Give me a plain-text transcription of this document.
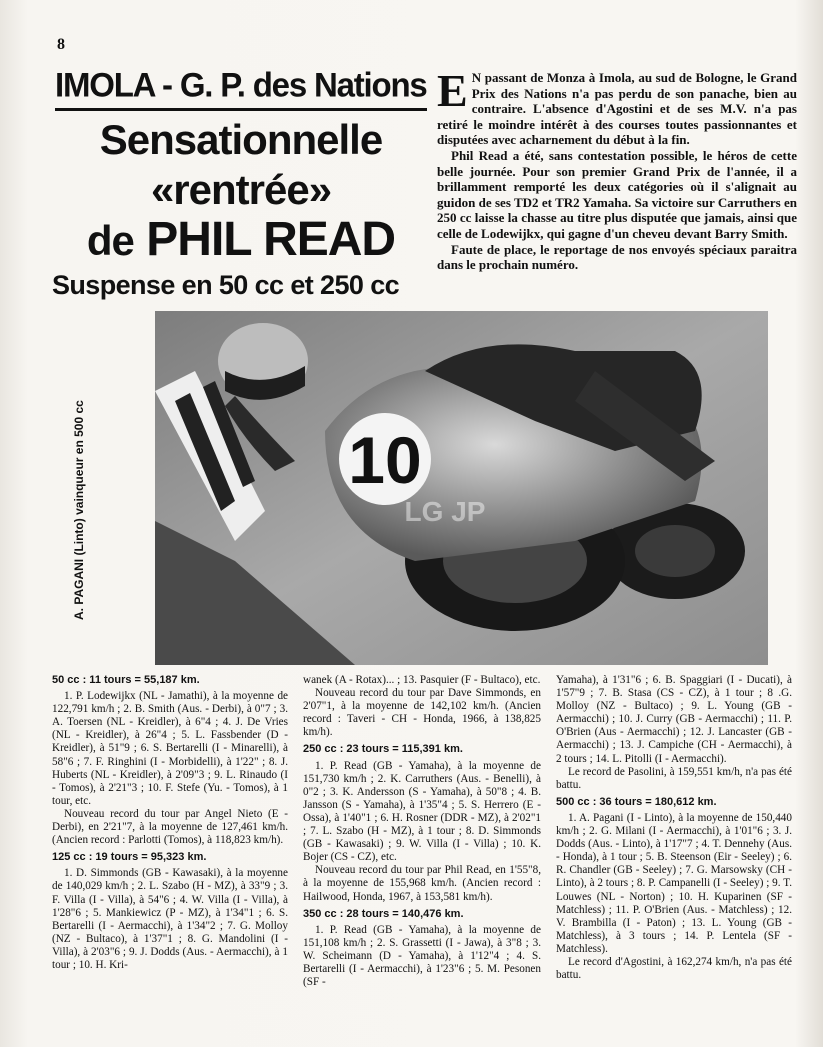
8
IMOLA - G. P. des Nations
Sensationnelle
«rentrée»
de PHIL READ
Suspense en 50 cc et 250 cc

E N passant de Monza à Imola, au sud de Bologne, le Grand Prix des Nations n'a pas perdu de son panache, bien au contraire. L'absence d'Agostini et de ses M.V. n'a pas retiré le moindre intérêt à des courses toutes passionnantes et disputées avec acharnement du début à la fin.

Phil Read a été, sans contestation possible, le héros de cette belle journée. Pour son premier Grand Prix de l'année, il a brillamment remporté les deux catégories où il s'alignait au guidon de ses TD2 et TR2 Yamaha. Sa victoire sur Carruthers en 250 cc laisse la chasse au titre plus disputée que jamais, ainsi que celle de Lodewijkx, qui gagne d'un cheveu devant Barry Smith.

Faute de place, le reportage de nos envoyés spéciaux paraitra dans le prochain numéro.

A. PAGANI (Linto) vainqueur en 500 cc	10
LG JP
50 cc : 11 tours = 55,187 km.

1. P. Lodewijkx (NL - Jamathi), à la moyenne de 122,791 km/h ; 2. B. Smith (Aus. - Derbi), à 0"7 ; 3. A. Toersen (NL - Kreidler), à 6"4 ; 4. J. De Vries (NL - Kreidler), à 26"4 ; 5. L. Fassbender (D - Kreidler), à 51"9 ; 6. S. Bertarelli (I - Minarelli), à 58"6 ; 7. F. Ringhini (I - Morbidelli), à 1'22" ; 8. J. Huberts (NL - Kreidler), à 2'09"3 ; 9. L. Rinaudo (I - Tomos), à 2'21"3 ; 10. F. Stefe (Yu. - Tomos), à 1 tour, etc.

Nouveau record du tour par Angel Nieto (E - Derbi), en 2'21"7, à la moyenne de 127,461 km/h. (Ancien record : Parlotti (Tomos), à 118,823 km/h).

125 cc : 19 tours = 95,323 km.

1. D. Simmonds (GB - Kawasaki), à la moyenne de 140,029 km/h ; 2. L. Szabo (H - MZ), à 33"9 ; 3. F. Villa (I - Villa), à 54"6 ; 4. W. Villa (I - Villa), à 1'28"6 ; 5. Mankiewicz (P - MZ), à 1'34"1 ; 6. S. Bertarelli (I - Aermacchi), à 1'34"2 ; 7. G. Molloy (NZ - Bultaco), à 1'37"1 ; 8. G. Mandolini (I - Villa), à 2'03"6 ; 9. J. Dodds (Aus. - Aermacchi), à 1 tour ; 10. H. Kri-

wanek (A - Rotax)... ; 13. Pasquier (F - Bultaco), etc.

Nouveau record du tour par Dave Simmonds, en 2'07"1, à la moyenne de 142,102 km/h. (Ancien record : Taveri - CH - Honda, 1966, à 138,825 km/h).

250 cc : 23 tours = 115,391 km.

1. P. Read (GB - Yamaha), à la moyenne de 151,730 km/h ; 2. K. Carruthers (Aus. - Benelli), à 0"2 ; 3. K. Andersson (S - Yamaha), à 50"8 ; 4. B. Jansson (S - Yamaha), à 1'35"4 ; 5. S. Herrero (E - Ossa), à 1'40"1 ; 6. H. Rosner (DDR - MZ), à 2'02"1 ; 7. L. Szabo (H - MZ), à 1 tour ; 8. D. Simmonds (GB - Kawasaki) ; 9. W. Villa (I - Villa) ; 10. K. Bojer (CS - CZ), etc.

Nouveau record du tour par Phil Read, en 1'55"8, à la moyenne de 155,968 km/h. (Ancien record : Hailwood, Honda, 1967, à 153,581 km/h).

350 cc : 28 tours = 140,476 km.

1. P. Read (GB - Yamaha), à la moyenne de 151,108 km/h ; 2. S. Grassetti (I - Jawa), à 3"8 ; 3. W. Scheimann (D - Yamaha), à 1'12"4 ; 4. S. Bertarelli (I - Aermacchi), à 1'23"6 ; 5. M. Pesonen (SF -

Yamaha), à 1'31"6 ; 6. B. Spaggiari (I - Ducati), à 1'57"9 ; 7. B. Stasa (CS - CZ), à 1 tour ; 8 .G. Molloy (NZ - Bultaco) ; 9. L. Young (GB - Aermacchi) ; 10. J. Curry (GB - Aermacchi) ; 11. P. O'Brien (Aus - Aermacchi) ; 12. J. Lancaster (GB - Aermacchi) ; 13. J. Campiche (CH - Aermacchi), à 2 tours ; 14. L. Pitolli (I - Aermacchi).

Le record de Pasolini, à 159,551 km/h, n'a pas été battu.

500 cc : 36 tours = 180,612 km.

1. A. Pagani (I - Linto), à la moyenne de 150,440 km/h ; 2. G. Milani (I - Aermacchi), à 1'01"6 ; 3. J. Dodds (Aus. - Linto), à 1'17"7 ; 4. T. Dennehy (Aus. - Honda), à 1 tour ; 5. B. Steenson (Eir - Seeley) ; 6. R. Chandler (GB - Seeley) ; 7. G. Marsowsky (CH - Linto), à 2 tours ; 8. P. Campanelli (I - Seeley) ; 9. T. Louwes (NL - Norton) ; 10. H. Kuparinen (SF - Matchless) ; 11. P. O'Brien (Aus. - Matchless) ; 12. V. Brambilla (I - Paton) ; 13. L. Young (GB - Matchless), à 3 tours ; 14. P. Lentela (SF - Matchless).

Le record d'Agostini, à 162,274 km/h, n'a pas été battu.
